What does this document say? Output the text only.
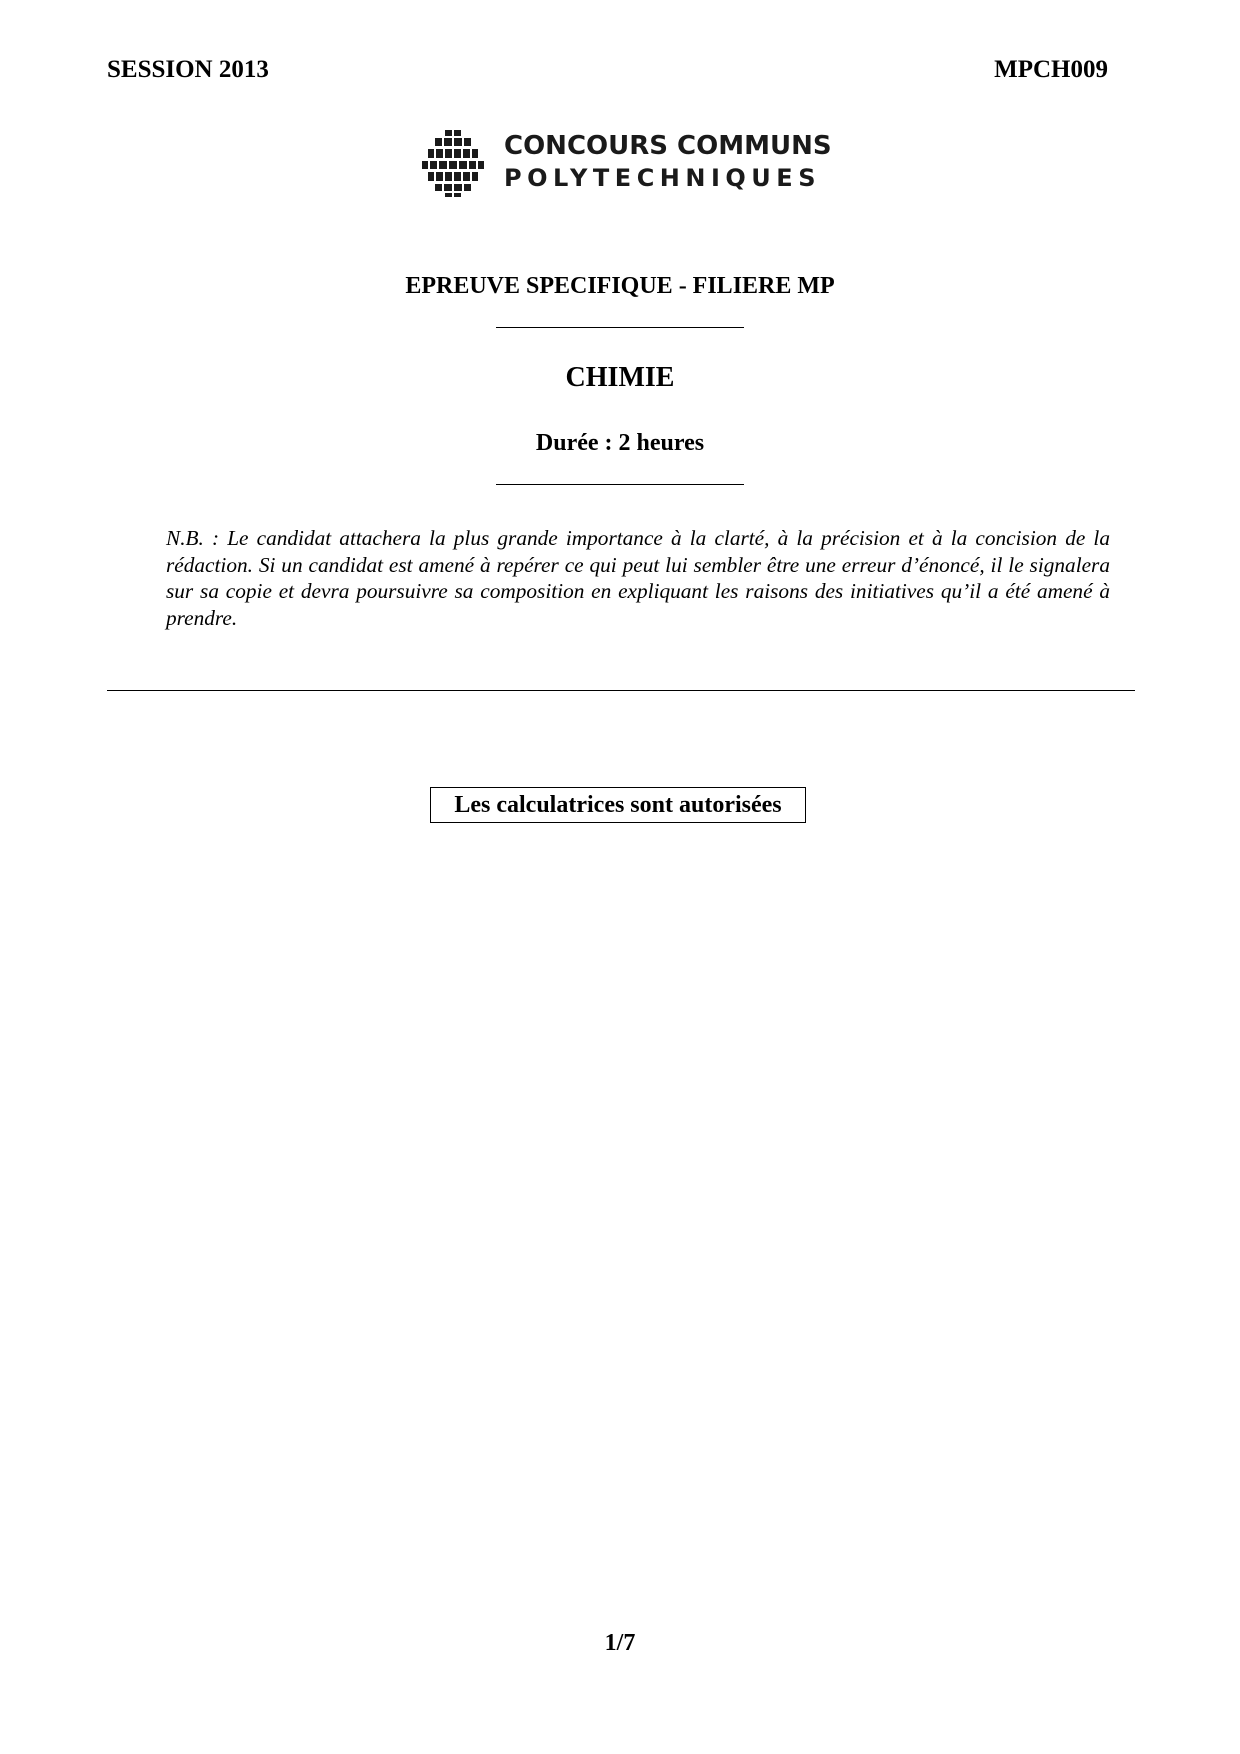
SESSION 2013	MPCH009
CONCOURS COMMUNS
POLYTECHNIQUES
EPREUVE SPECIFIQUE - FILIERE MP
CHIMIE
Durée : 2 heures
N.B. : Le candidat attachera la plus grande importance à la clarté, à la précision et à la concision de la rédaction. Si un candidat est amené à repérer ce qui peut lui sembler être une erreur d’énoncé, il le signalera sur sa copie et devra poursuivre sa composition en expliquant les raisons des initiatives qu’il a été amené à prendre.
Les calculatrices sont autorisées
1/7
